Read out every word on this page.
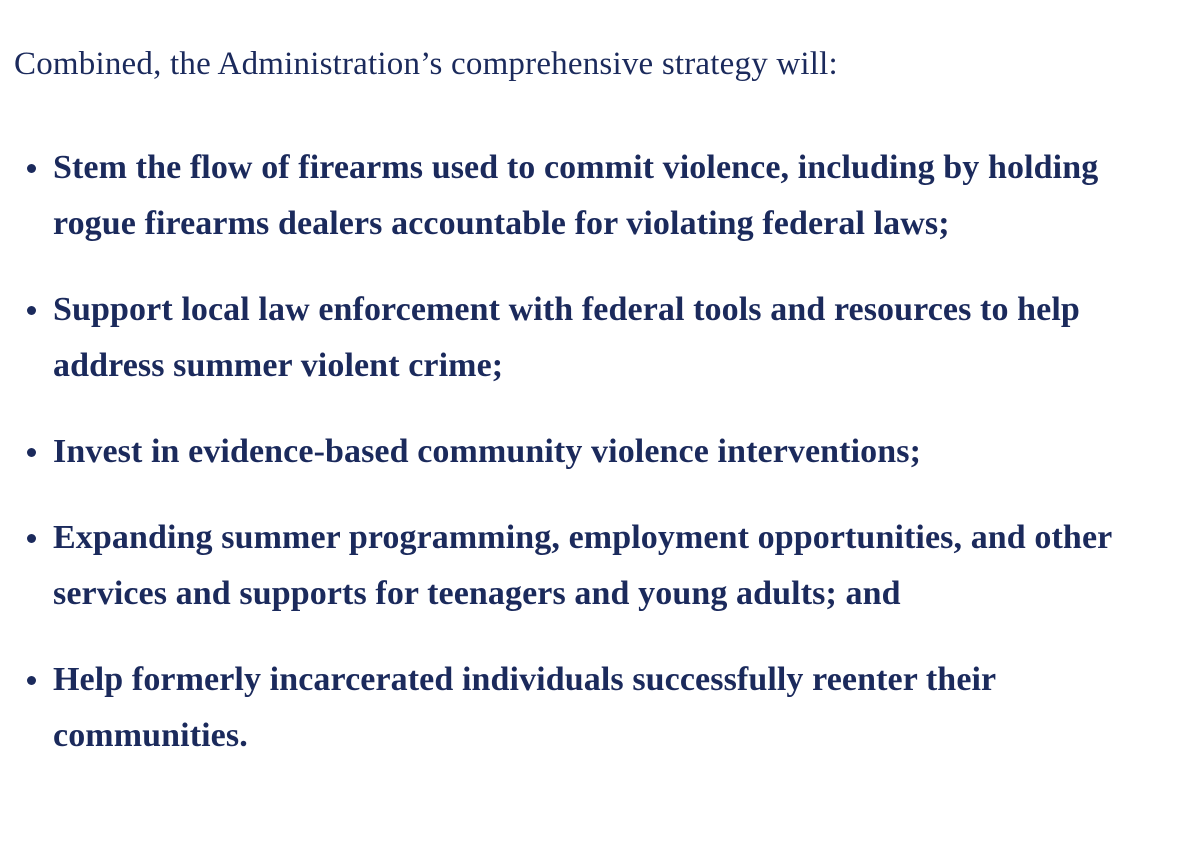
Combined, the Administration’s comprehensive strategy will:

Stem the flow of firearms used to commit violence, including by holding rogue firearms dealers accountable for violating federal laws;
Support local law enforcement with federal tools and resources to help address summer violent crime;
Invest in evidence-based community violence interventions;
Expanding summer programming, employment opportunities, and other services and supports for teenagers and young adults; and
Help formerly incarcerated individuals successfully reenter their communities.
